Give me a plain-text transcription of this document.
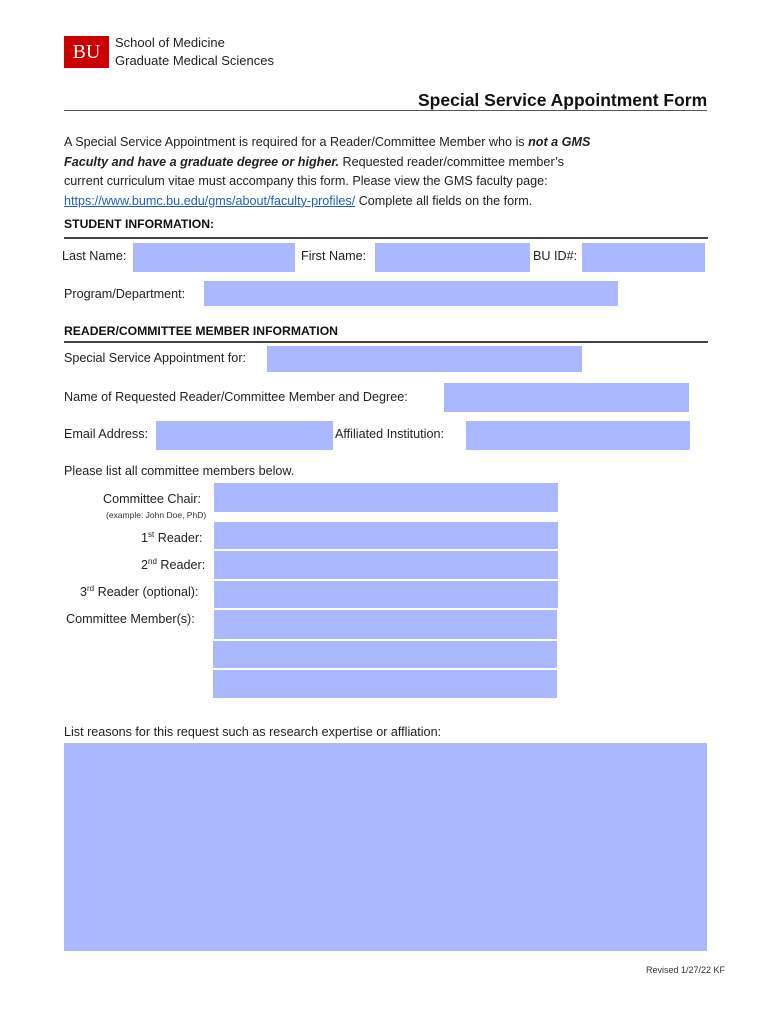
BU	School of Medicine
Graduate Medical Sciences
Special Service Appointment Form
A Special Service Appointment is required for a Reader/Committee Member who is not a GMS
Faculty and have a graduate degree or higher. Requested reader/committee member’s
current curriculum vitae must accompany this form. Please view the GMS faculty page:
https://www.bumc.bu.edu/gms/about/faculty-profiles/ Complete all fields on the form.
STUDENT INFORMATION:
Last Name:	First Name:	BU ID#:
Program/Department:
READER/COMMITTEE MEMBER INFORMATION
Special Service Appointment for:
Name of Requested Reader/Committee Member and Degree:
Email Address:	Affiliated Institution:
Please list all committee members below.
Committee Chair:
(example: John Doe, PhD)
1st Reader:
2nd Reader:
3rd Reader (optional):
Committee Member(s):
List reasons for this request such as research expertise or affliation:
Revised 1/27/22 KF
